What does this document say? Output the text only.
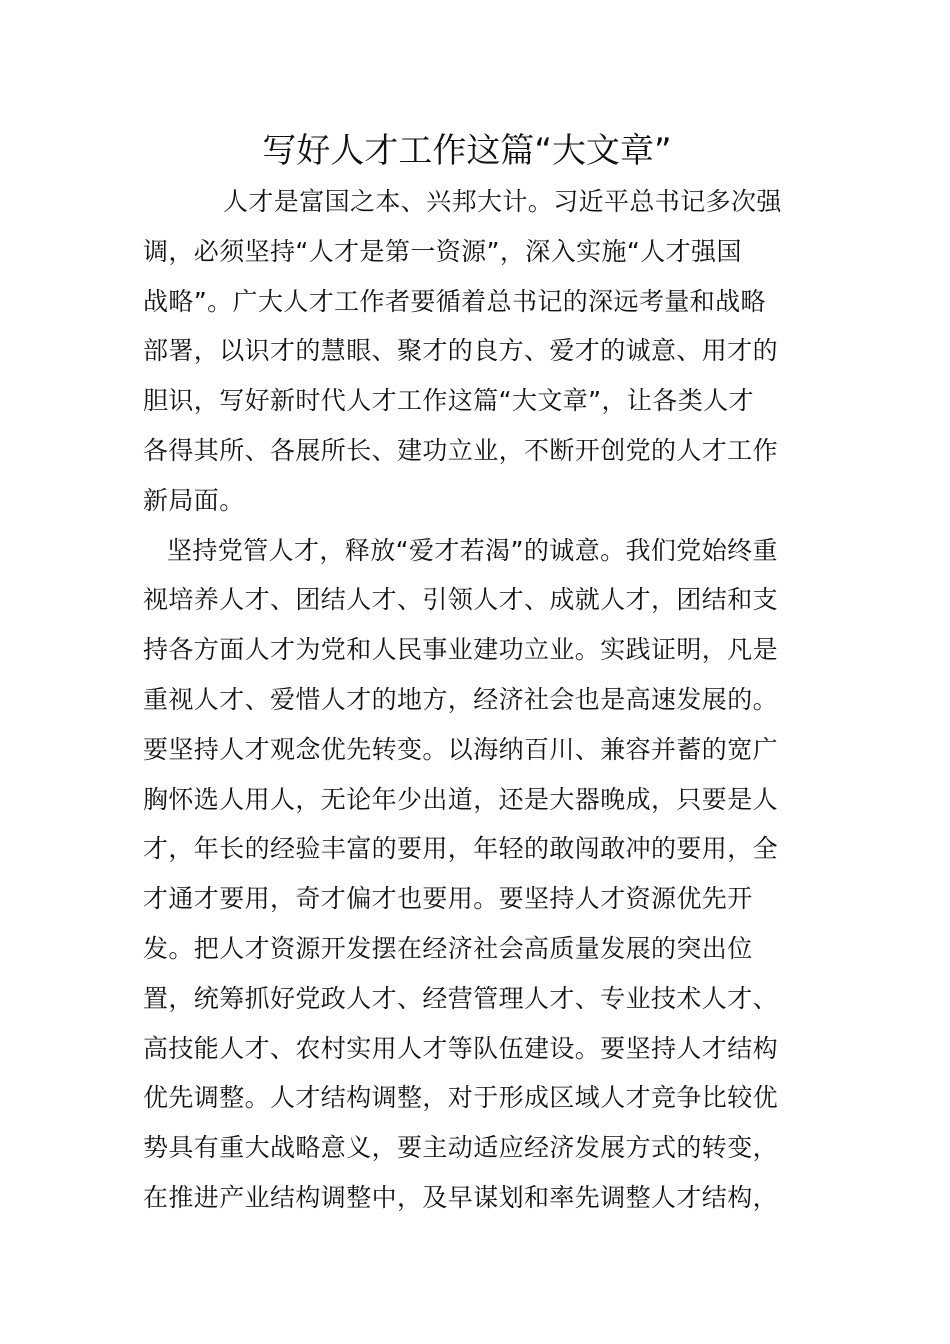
写好人才工作这篇“大文章”
人才是富国之本、兴邦大计。习近平总书记多次强
调，必须坚持“人才是第一资源”，深入实施“人才强国
战略”。广大人才工作者要循着总书记的深远考量和战略
部署，以识才的慧眼、聚才的良方、爱才的诚意、用才的
胆识，写好新时代人才工作这篇“大文章”，让各类人才
各得其所、各展所长、建功立业，不断开创党的人才工作
新局面。
坚持党管人才，释放“爱才若渴”的诚意。我们党始终重
视培养人才、团结人才、引领人才、成就人才，团结和支
持各方面人才为党和人民事业建功立业。实践证明，凡是
重视人才、爱惜人才的地方，经济社会也是高速发展的。
要坚持人才观念优先转变。以海纳百川、兼容并蓄的宽广
胸怀选人用人，无论年少出道，还是大器晚成，只要是人
才，年长的经验丰富的要用，年轻的敢闯敢冲的要用，全
才通才要用，奇才偏才也要用。要坚持人才资源优先开
发。把人才资源开发摆在经济社会高质量发展的突出位
置，统筹抓好党政人才、经营管理人才、专业技术人才、
高技能人才、农村实用人才等队伍建设。要坚持人才结构
优先调整。人才结构调整，对于形成区域人才竞争比较优
势具有重大战略意义，要主动适应经济发展方式的转变，
在推进产业结构调整中，及早谋划和率先调整人才结构，
